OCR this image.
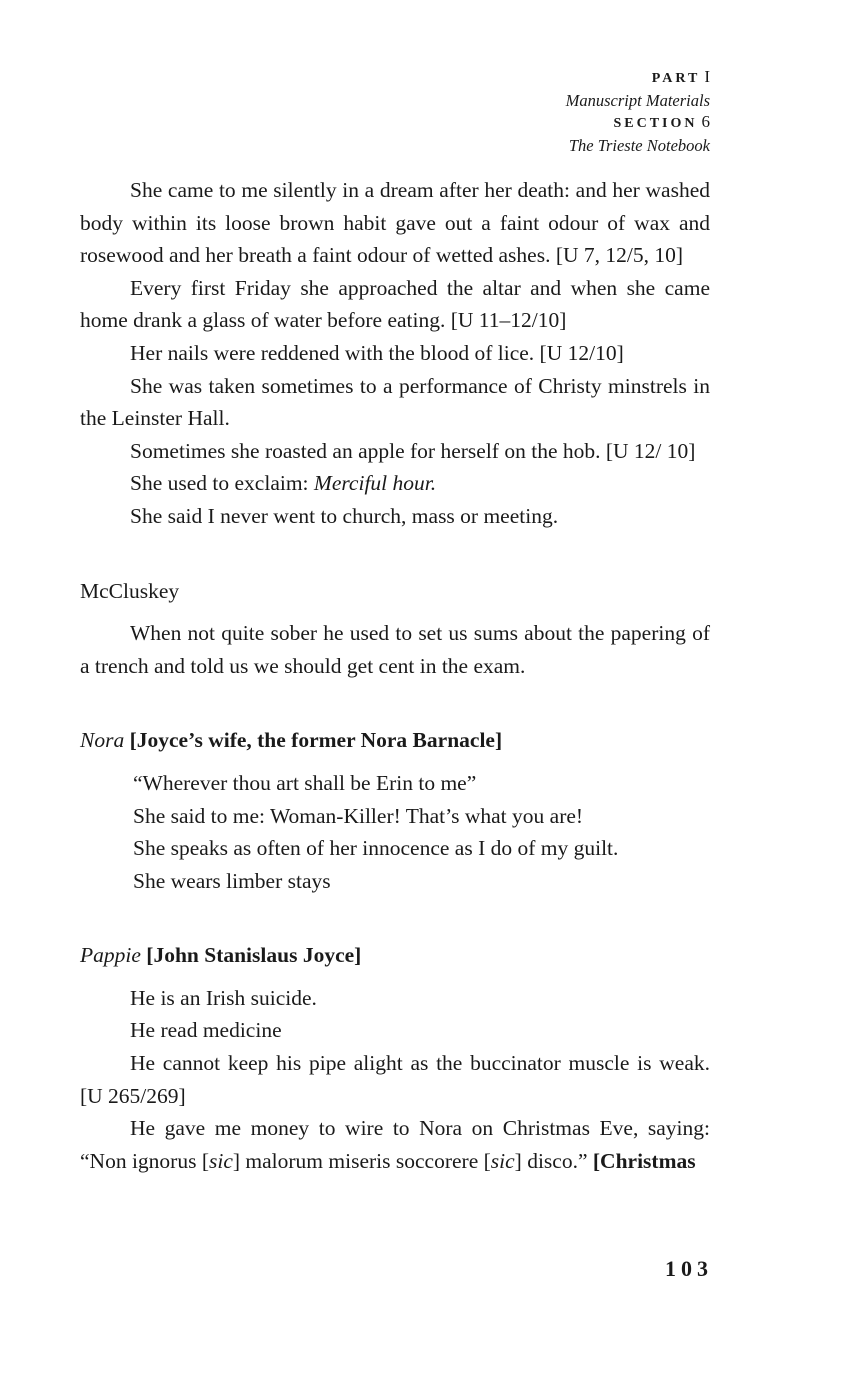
PART I
Manuscript Materials
SECTION 6
The Trieste Notebook

She came to me silently in a dream after her death: and her washed body within its loose brown habit gave out a faint odour of wax and rosewood and her breath a faint odour of wetted ashes. [U 7, 12/5, 10]

Every first Friday she approached the altar and when she came home drank a glass of water before eating. [U 11–12/10]

Her nails were reddened with the blood of lice. [U 12/10]

She was taken sometimes to a performance of Christy minstrels in the Leinster Hall.

Sometimes she roasted an apple for herself on the hob. [U 12/ 10]

She used to exclaim: Merciful hour.

She said I never went to church, mass or meeting.

McCluskey

When not quite sober he used to set us sums about the papering of a trench and told us we should get cent in the exam.

Nora [Joyce’s wife, the former Nora Barnacle]

“Wherever thou art shall be Erin to me”

She said to me: Woman-Killer! That’s what you are!

She speaks as often of her innocence as I do of my guilt.

She wears limber stays

Pappie [John Stanislaus Joyce]

He is an Irish suicide.

He read medicine

He cannot keep his pipe alight as the buccinator muscle is weak. [U 265/269]

He gave me money to wire to Nora on Christmas Eve, saying: “Non ignorus [sic] malorum miseris soccorere [sic] disco.” [Christmas

103
